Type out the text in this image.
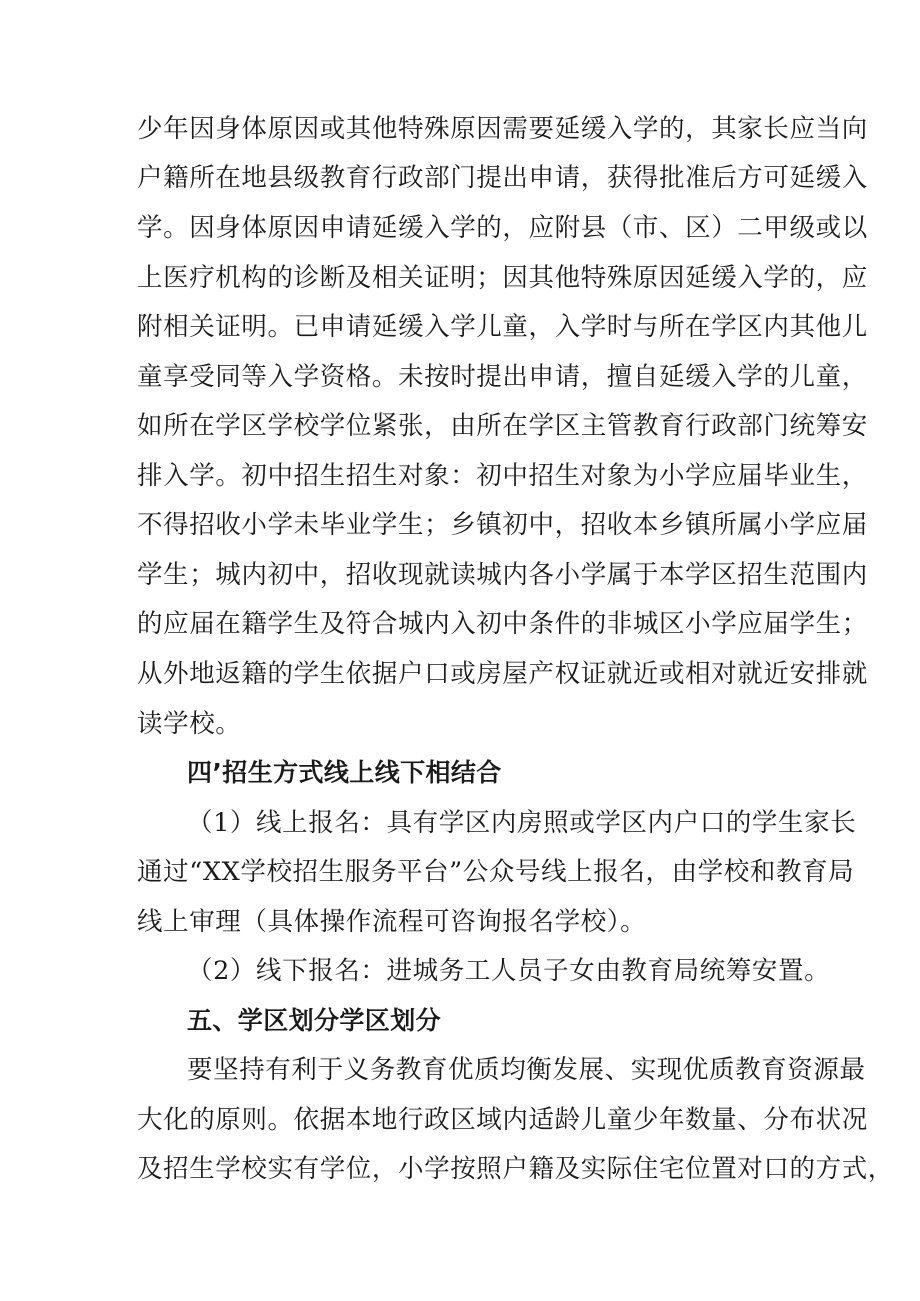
少年因身体原因或其他特殊原因需要延缓入学的，其家长应当向
户籍所在地县级教育行政部门提出申请，获得批准后方可延缓入
学。因身体原因申请延缓入学的，应附县（市、区）二甲级或以
上医疗机构的诊断及相关证明；因其他特殊原因延缓入学的，应
附相关证明。已申请延缓入学儿童，入学时与所在学区内其他儿
童享受同等入学资格。未按时提出申请，擅自延缓入学的儿童，
如所在学区学校学位紧张，由所在学区主管教育行政部门统筹安
排入学。初中招生招生对象：初中招生对象为小学应届毕业生，
不得招收小学未毕业学生；乡镇初中，招收本乡镇所属小学应届
学生；城内初中，招收现就读城内各小学属于本学区招生范围内
的应届在籍学生及符合城内入初中条件的非城区小学应届学生；
从外地返籍的学生依据户口或房屋产权证就近或相对就近安排就
读学校。
四’招生方式线上线下相结合
（1）线上报名：具有学区内房照或学区内户口的学生家长
通过“XX学校招生服务平台”公众号线上报名，由学校和教育局
线上审理（具体操作流程可咨询报名学校）。
（2）线下报名：进城务工人员子女由教育局统筹安置。
五、学区划分学区划分
要坚持有利于义务教育优质均衡发展、实现优质教育资源最
大化的原则。依据本地行政区域内适龄儿童少年数量、分布状况
及招生学校实有学位，小学按照户籍及实际住宅位置对口的方式，
